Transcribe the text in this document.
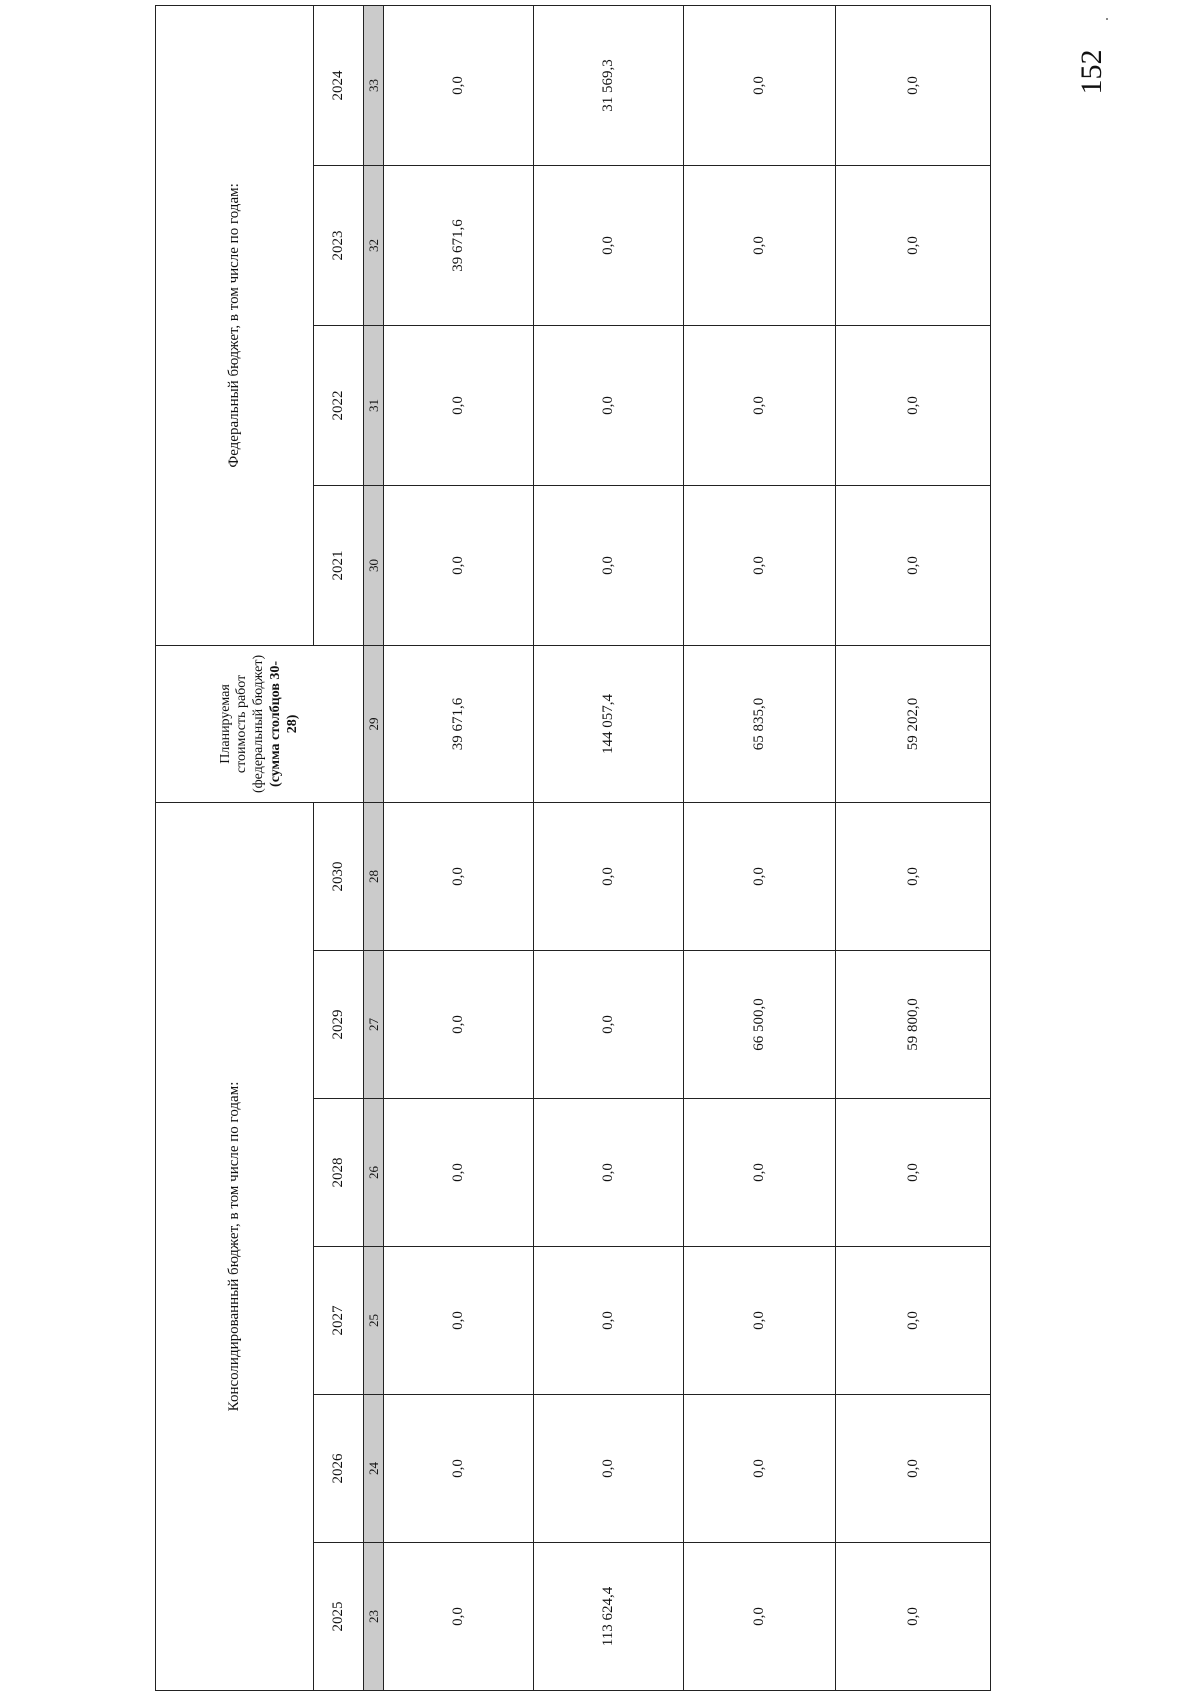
152
Консолидированный бюджет, в том числе по годам:						Планируемая стоимость работ (федеральный бюджет) (сумма столбцов 30-28)	Федеральный бюджет, в том числе по годам:			
2025	2026	2027	2028	2029	2030		2021	2022	2023	2024
23	24	25	26	27	28	29	30	31	32	33
0,0	0,0	0,0	0,0	0,0	0,0	39 671,6	0,0	0,0	39 671,6	0,0
113 624,4	0,0	0,0	0,0	0,0	0,0	144 057,4	0,0	0,0	0,0	31 569,3
0,0	0,0	0,0	0,0	66 500,0	0,0	65 835,0	0,0	0,0	0,0	0,0
0,0	0,0	0,0	0,0	59 800,0	0,0	59 202,0	0,0	0,0	0,0	0,0
